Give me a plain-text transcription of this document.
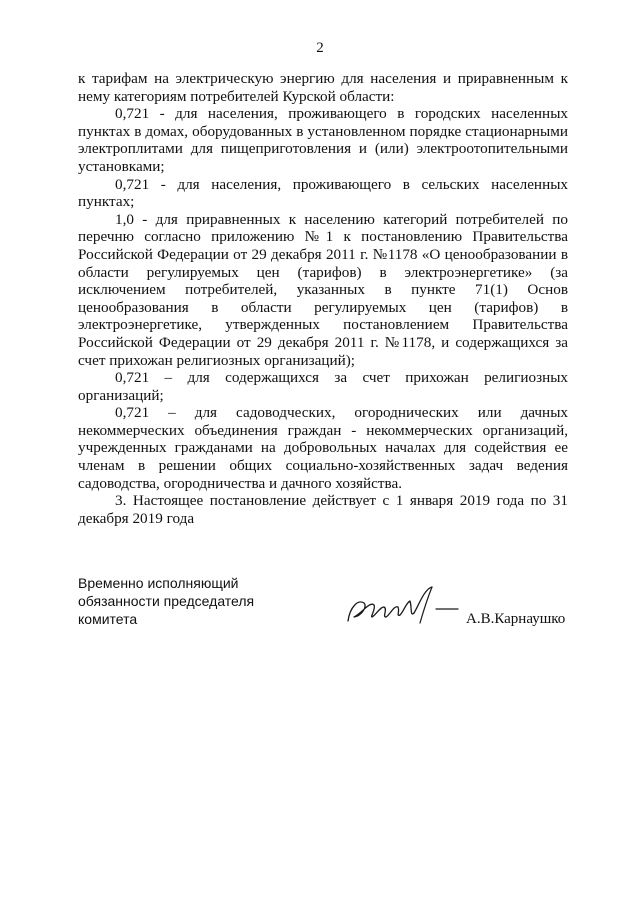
2

к тарифам на электрическую энергию для населения и приравненным к нему категориям потребителей Курской области:

0,721 - для населения, проживающего в городских населенных пунктах в домах, оборудованных в установленном порядке стационарными электроплитами для пищеприготовления и (или) электроотопительными установками;

0,721 - для населения, проживающего в сельских населенных пунктах;

1,0 - для приравненных к населению категорий потребителей по перечню согласно приложению №1 к постановлению Правительства Российской Федерации от 29 декабря 2011 г. №1178 «О ценообразовании в области регулируемых цен (тарифов) в электроэнергетике» (за исключением потребителей, указанных в пункте 71(1) Основ ценообразования в области регулируемых цен (тарифов) в электроэнергетике, утвержденных постановлением Правительства Российской Федерации от 29 декабря 2011 г. №1178, и содержащихся за счет прихожан религиозных организаций);

0,721 – для содержащихся за счет прихожан религиозных организаций;

0,721 – для садоводческих, огороднических или дачных некоммерческих объединения граждан - некоммерческих организаций, учрежденных гражданами на добровольных началах для содействия ее членам в решении общих социально-хозяйственных задач ведения садоводства, огородничества и дачного хозяйства.

3. Настоящее постановление действует с 1 января 2019 года по 31 декабря 2019 года

Временно исполняющий
обязанности председателя
комитета	А.В.Карнаушко
